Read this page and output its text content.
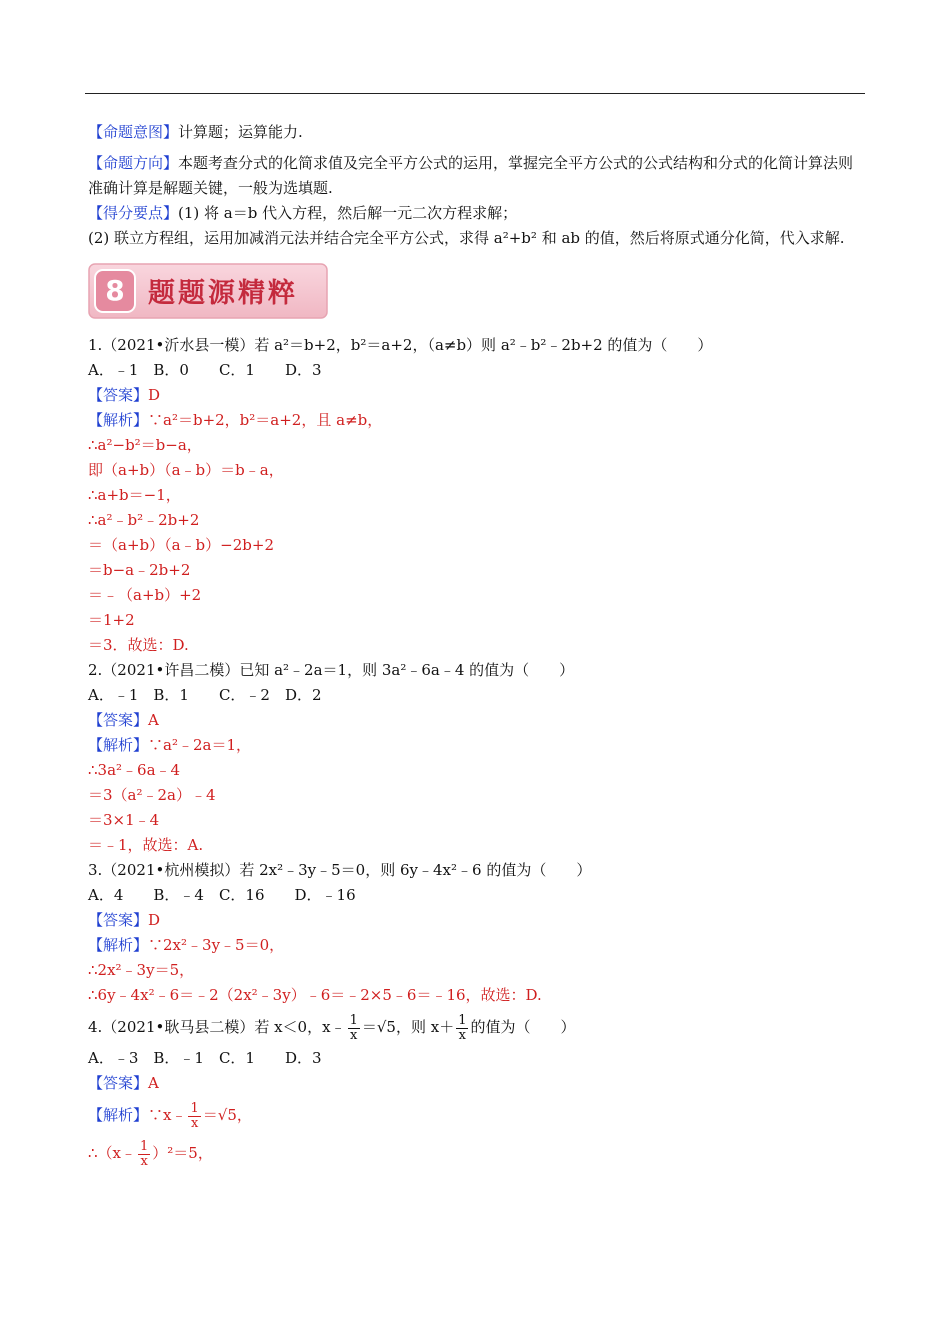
【命题意图】计算题；运算能力.

【命题方向】本题考查分式的化简求值及完全平方公式的运用，掌握完全平方公式的公式结构和分式的化简计算法则准确计算是解题关键，一般为选填题.

【得分要点】(1) 将 a＝b 代入方程，然后解一元二次方程求解；

(2) 联立方程组，运用加减消元法并结合完全平方公式，求得 a²+b² 和 ab 的值，然后将原式通分化简，代入求解.

8 题题源精粹
1.（2021•沂水县一模）若 a²＝b+2，b²＝a+2，（a≠b）则 a²﹣b²﹣2b+2 的值为（　　）
A．﹣1　B．0　　C．1　　D．3
【答案】D
【解析】∵a²＝b+2，b²＝a+2，且 a≠b，
∴a²−b²＝b−a，
即（a+b）（a﹣b）＝b﹣a，
∴a+b＝−1，
∴a²﹣b²﹣2b+2
＝（a+b）（a﹣b）−2b+2
＝b−a﹣2b+2
＝﹣（a+b）+2
＝1+2
＝3．故选：D.
2.（2021•许昌二模）已知 a²﹣2a＝1，则 3a²﹣6a﹣4 的值为（　　）
A．﹣1　B．1　　C．﹣2　D．2
【答案】A
【解析】∵a²﹣2a＝1，
∴3a²﹣6a﹣4
＝3（a²﹣2a）﹣4
＝3×1﹣4
＝﹣1，故选：A.
3.（2021•杭州模拟）若 2x²﹣3y﹣5＝0，则 6y﹣4x²﹣6 的值为（　　）
A．4　　B．﹣4　C．16　　D．﹣16
【答案】D
【解析】∵2x²﹣3y﹣5＝0，
∴2x²﹣3y＝5，
∴6y﹣4x²﹣6＝﹣2（2x²﹣3y）﹣6＝﹣2×5﹣6＝﹣16，故选：D.
4.（2021•耿马县二模）若 x＜0，x﹣ $\frac{1}{x} =√5$，则 $x+ \frac{1}{x}$ 的值为（　　）
A．﹣3　B．﹣1　C．1　　D．3
【答案】A
【解析】∵x﹣ $\frac{1}{x} =√5$，
∴（x﹣ $\frac{1}{x} )^2=5$，
